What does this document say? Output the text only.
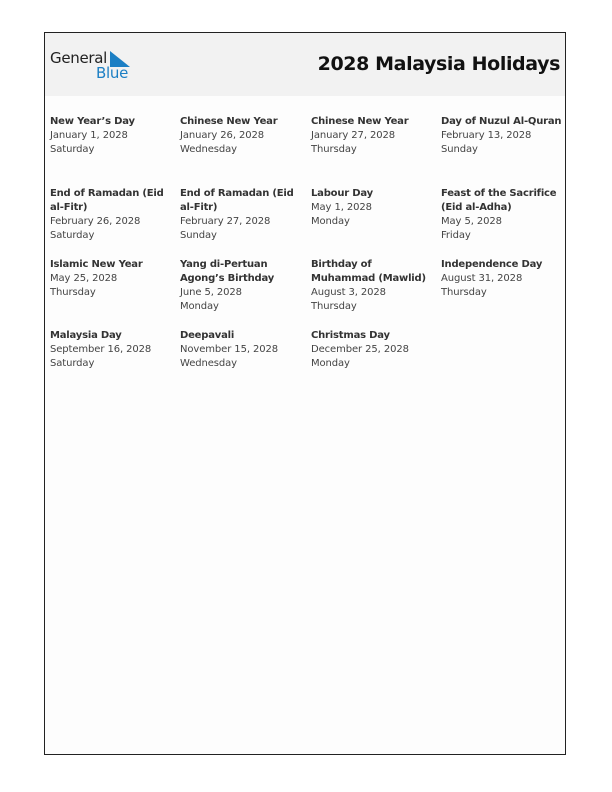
General
Blue	2028 Malaysia Holidays
New Year’s Day
January 1, 2028
Saturday
Chinese New Year
January 26, 2028
Wednesday
Chinese New Year
January 27, 2028
Thursday
Day of Nuzul Al-Quran
February 13, 2028
Sunday
End of Ramadan (Eid al-Fitr)
February 26, 2028
Saturday
End of Ramadan (Eid al-Fitr)
February 27, 2028
Sunday
Labour Day
May 1, 2028
Monday
Feast of the Sacrifice (Eid al-Adha)
May 5, 2028
Friday
Islamic New Year
May 25, 2028
Thursday
Yang di-Pertuan Agong’s Birthday
June 5, 2028
Monday
Birthday of Muhammad (Mawlid)
August 3, 2028
Thursday
Independence Day
August 31, 2028
Thursday
Malaysia Day
September 16, 2028
Saturday
Deepavali
November 15, 2028
Wednesday
Christmas Day
December 25, 2028
Monday
